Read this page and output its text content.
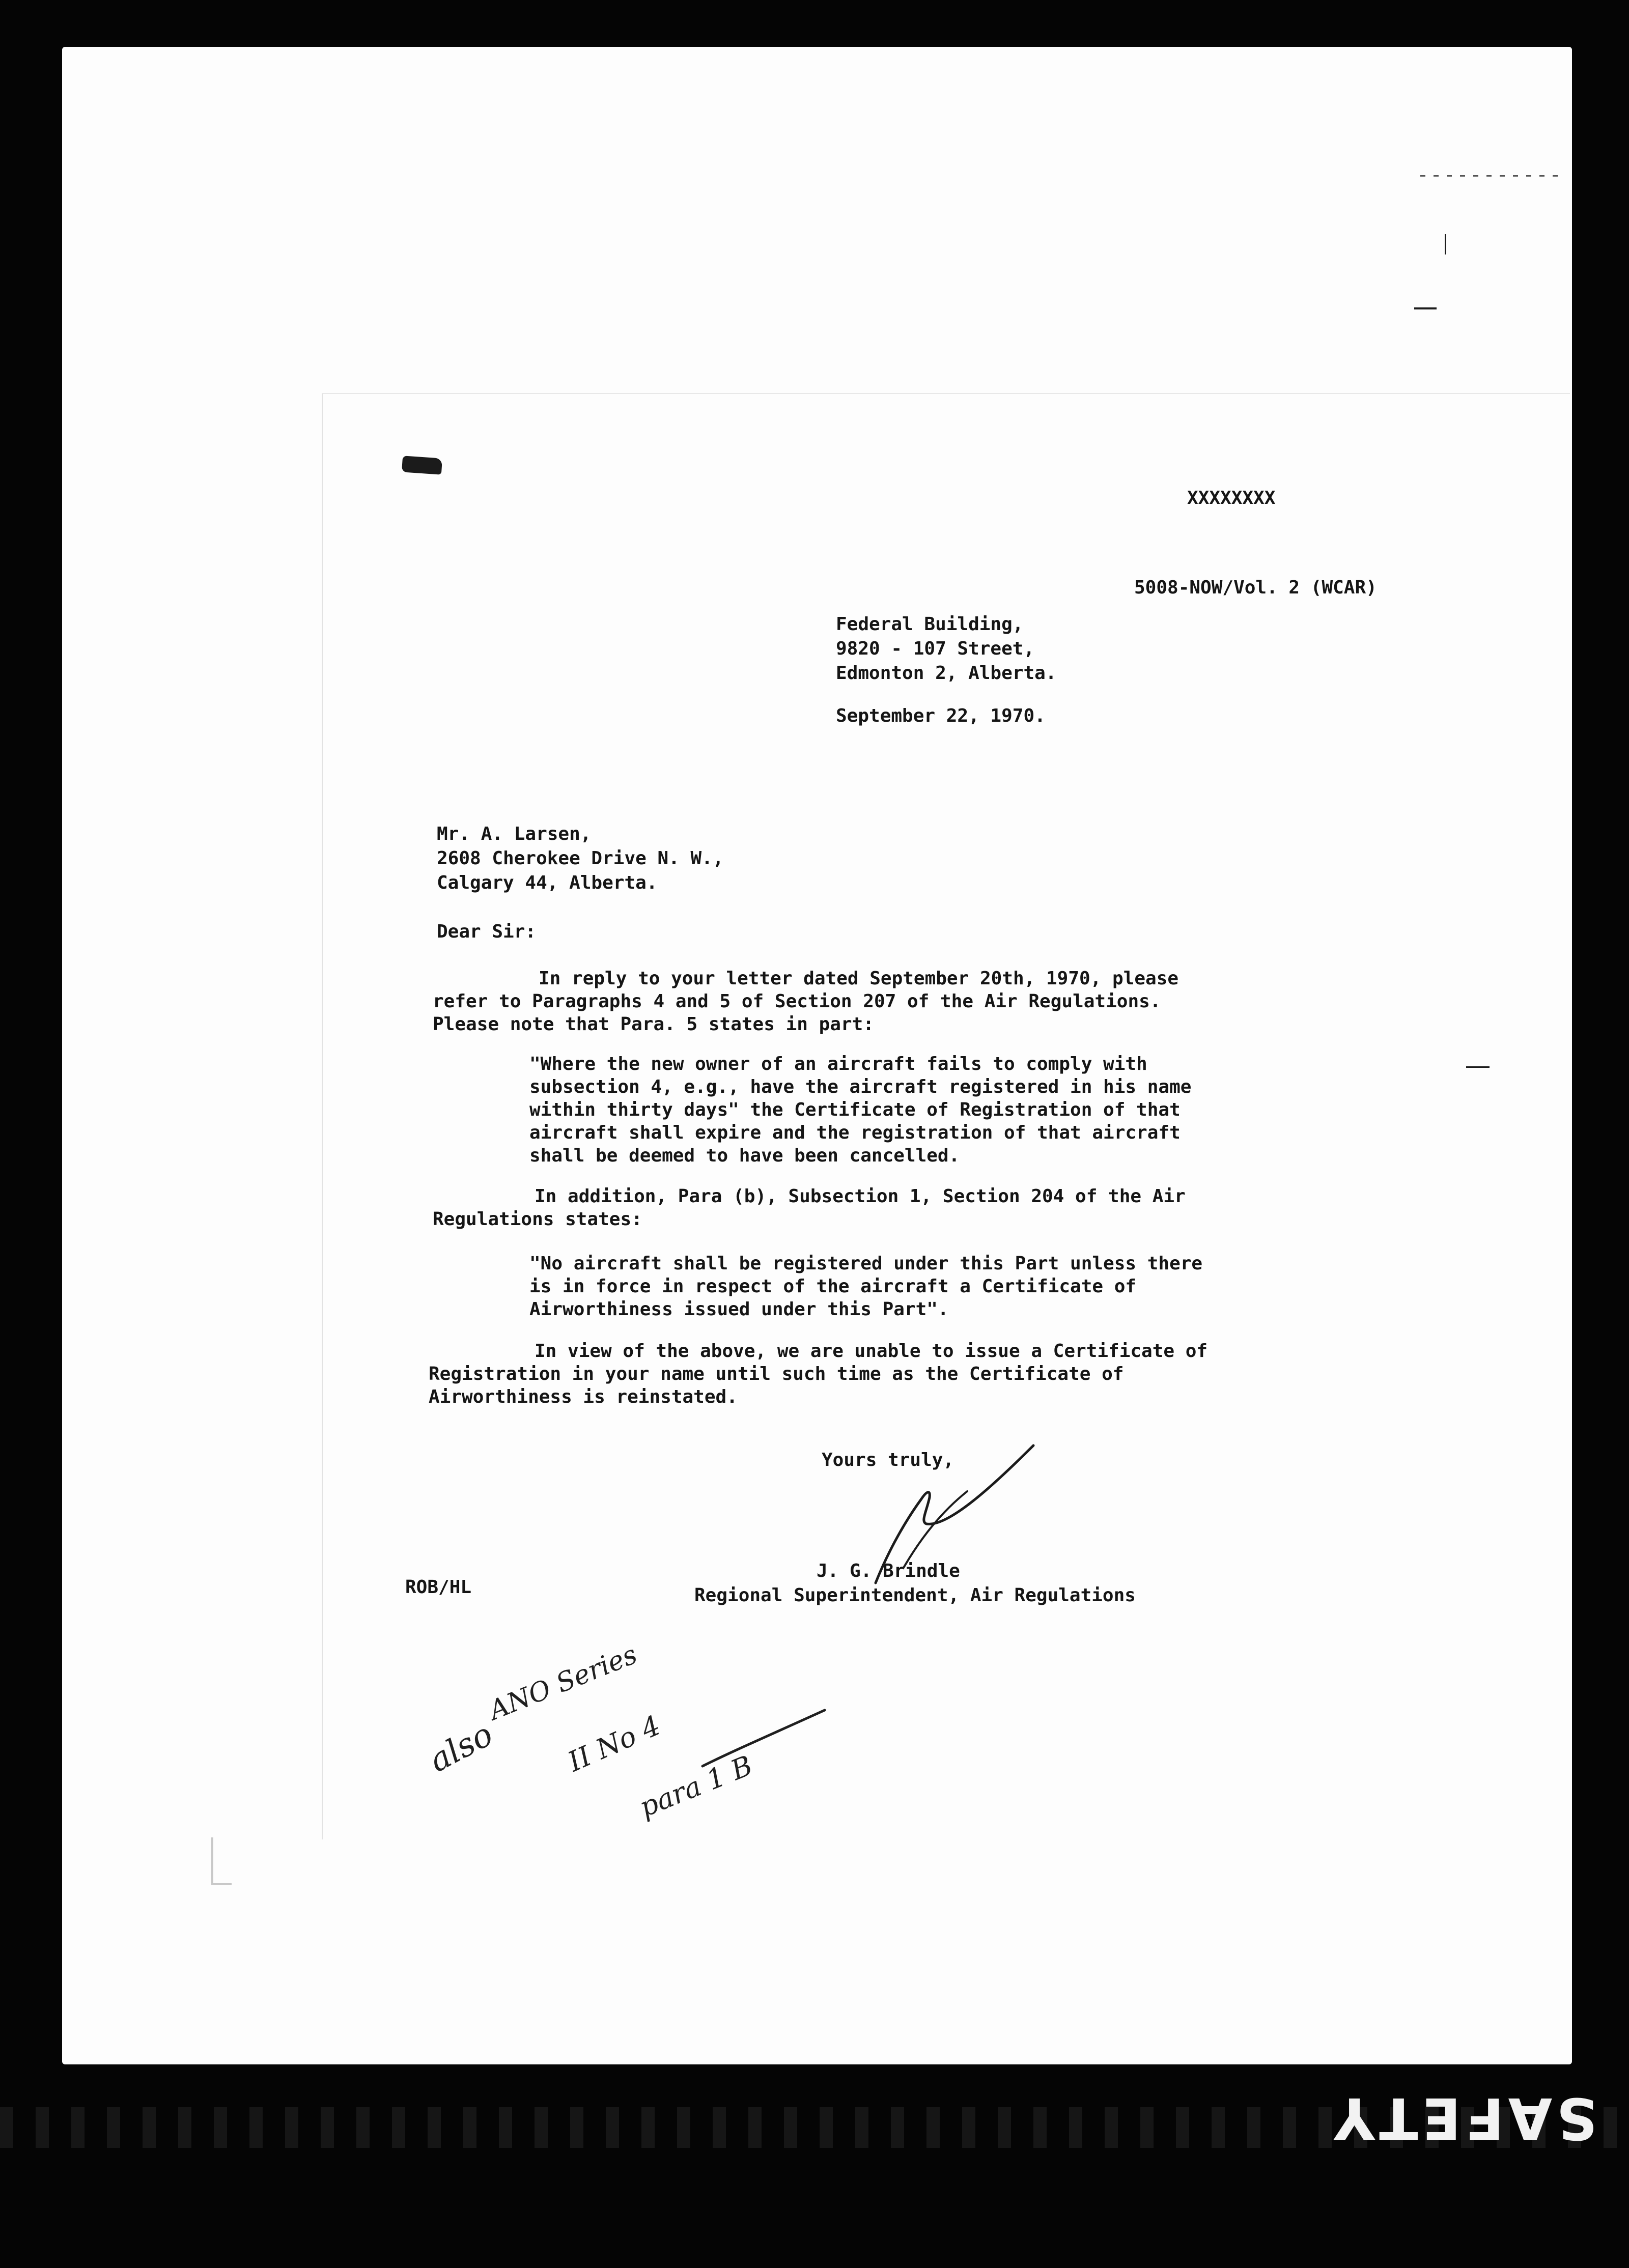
SAFETY

XXXXXXXX

5008-NOW/Vol. 2 (WCAR)

Federal Building,

9820 - 107 Street,

Edmonton 2, Alberta.

September 22, 1970.

Mr. A. Larsen,

2608 Cherokee Drive N. W.,

Calgary 44, Alberta.

Dear Sir:

In reply to your letter dated September 20th, 1970, please refer to Paragraphs 4 and 5 of Section 207 of the Air Regulations. Please note that Para. 5 states in part:

"Where the new owner of an aircraft fails to comply with subsection 4, e.g., have the aircraft registered in his name within thirty days" the Certificate of Registration of that aircraft shall expire and the registration of that aircraft shall be deemed to have been cancelled.

In addition, Para (b), Subsection 1, Section 204 of the Air Regulations states:

"No aircraft shall be registered under this Part unless there is in force in respect of the aircraft a Certificate of Airworthiness issued under this Part".

In view of the above, we are unable to issue a Certificate of Registration in your name until such time as the Certificate of Airworthiness is reinstated.

Yours truly,

J. G. Brindle

Regional Superintendent, Air Regulations

ROB/HL

also
ANO Series
II No 4
para 1 B
